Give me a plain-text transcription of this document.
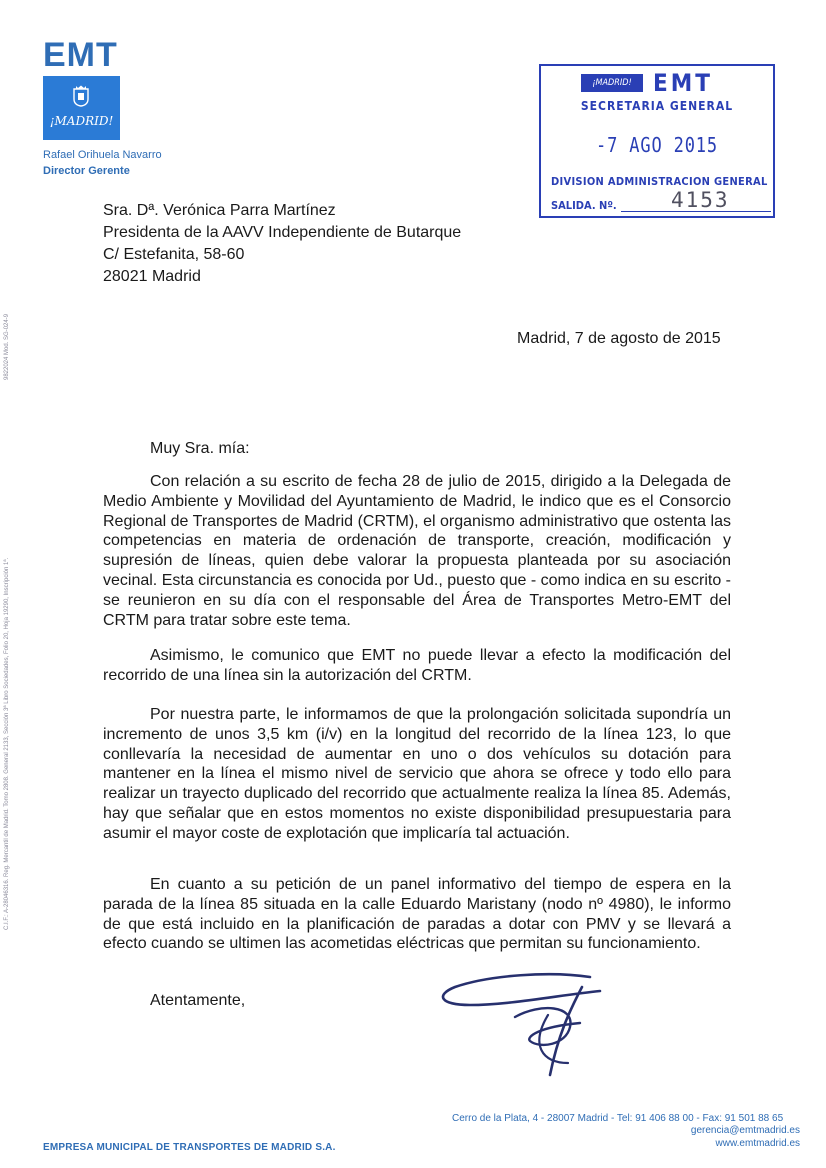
EMT
¡MADRID!
Rafael Orihuela Navarro
Director Gerente
¡MADRID! EMT
SECRETARIA GENERAL
-7 AGO 2015
DIVISION ADMINISTRACION GENERAL
SALIDA. Nº.	4153
Sra. Dª. Verónica Parra Martínez
Presidenta de la AAVV Independiente de Butarque
C/ Estefanita, 58-60
28021 Madrid
Madrid, 7 de agosto de 2015
Muy Sra. mía:

Con relación a su escrito de fecha 28 de julio de 2015, dirigido a la Delegada de Medio Ambiente y Movilidad del Ayuntamiento de Madrid, le indico que es el Consorcio Regional de Transportes de Madrid (CRTM), el organismo administrativo que ostenta las competencias en materia de ordenación de transporte, creación, modificación y supresión de líneas, quien debe valorar la propuesta planteada por su asociación vecinal. Esta circunstancia es conocida por Ud., puesto que - como indica en su escrito - se reunieron en su día con el responsable del Área de Transportes Metro-EMT del CRTM para tratar sobre este tema.

Asimismo, le comunico que EMT no puede llevar a efecto la modificación del recorrido de una línea sin la autorización del CRTM.

Por nuestra parte, le informamos de que la prolongación solicitada supondría un incremento de unos 3,5 km (i/v) en la longitud del recorrido de la línea 123, lo que conllevaría la necesidad de aumentar en uno o dos vehículos su dotación para mantener en la línea el mismo nivel de servicio que ahora se ofrece y todo ello para realizar un trayecto duplicado del recorrido que actualmente realiza la línea 85. Además, hay que señalar que en estos momentos no existe disponibilidad presupuestaria para asumir el mayor coste de explotación que implicaría tal actuación.

En cuanto a su petición de un panel informativo del tiempo de espera en la parada de la línea 85 situada en la calle Eduardo Maristany (nodo nº 4980), le informo de que está incluido en la planificación de paradas a dotar con PMV y se llevará a efecto cuando se ultimen las acometidas eléctricas que permitan su funcionamiento.

Atentamente,
C.I.F.: A-28046316. Reg. Mercantil de Madrid. Tomo 2808. General 2133, Sección 3ª Libro Sociedades, Folio 20, Hoja 19290, Inscripción 1ª.
9822024 Mod. SG-024-9
Cerro de la Plata, 4 - 28007 Madrid - Tel: 91 406 88 00 - Fax: 91 501 88 65
gerencia@emtmadrid.es
www.emtmadrid.es
EMPRESA MUNICIPAL DE TRANSPORTES DE MADRID S.A.
